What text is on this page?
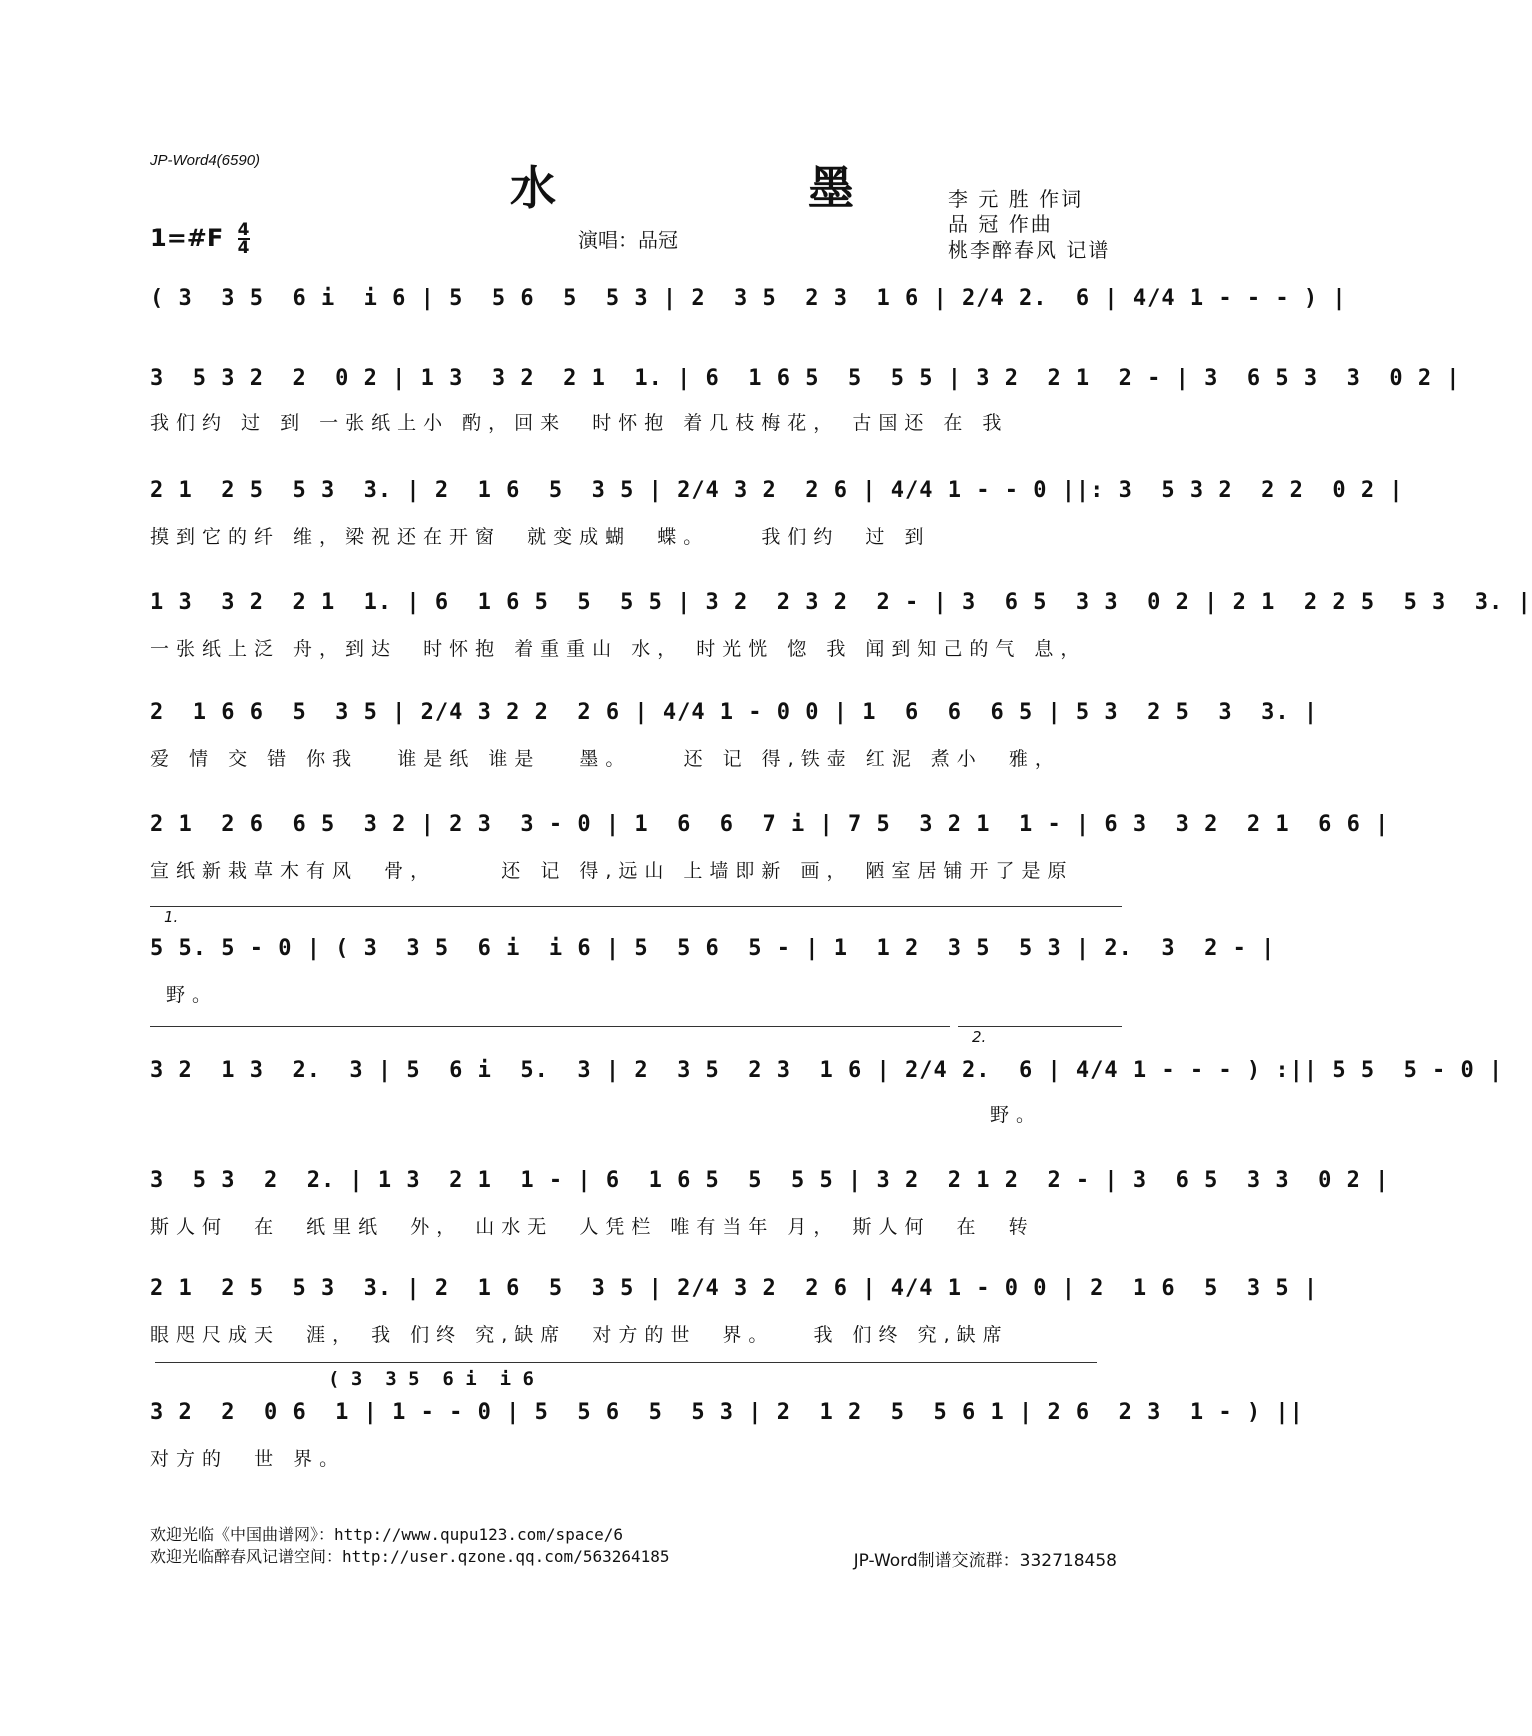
JP-Word4(6590)
水 墨
李 元 胜 作词
品 冠 作曲
桃李醉春风 记谱
1=#F $\frac{4}{4}$	演唱：品冠
( 3  3 5  6 i  i 6 | 5  5 6  5  5 3 | 2  3 5  2 3  1 6 | 2/4 2.  6 | 4/4 1 - - - ) |
3  5 3 2  2  0 2 | 1 3  3 2  2 1  1. | 6  1 6 5  5  5 5 | 3 2  2 1  2 - | 3  6 5 3  3  0 2 |
我们约 过 到 一张纸上小 酌，回来  时怀抱 着几枝梅花， 古国还 在 我
2 1  2 5  5 3  3. | 2  1 6  5  3 5 | 2/4 3 2  2 6 | 4/4 1 - - 0 ||: 3  5 3 2  2 2  0 2 |
摸到它的纤 维，梁祝还在开窗  就变成蝴  蝶。    我们约  过 到
1 3  3 2  2 1  1. | 6  1 6 5  5  5 5 | 3 2  2 3 2  2 - | 3  6 5  3 3  0 2 | 2 1  2 2 5  5 3  3. |
一张纸上泛 舟，到达  时怀抱 着重重山 水， 时光恍 惚 我 闻到知己的气 息，
2  1 6 6  5  3 5 | 2/4 3 2 2  2 6 | 4/4 1 - 0 0 | 1  6  6  6 5 | 5 3  2 5  3  3. |
爱 情 交 错 你我   谁是纸 谁是   墨。    还 记 得,铁壶 红泥 煮小  雅，
2 1  2 6  6 5  3 2 | 2 3  3 - 0 | 1  6  6  7 i | 7 5  3 2 1  1 - | 6 3  3 2  2 1  6 6 |
宣纸新栽草木有风  骨，     还 记 得,远山 上墙即新 画， 陋室居铺开了是原
1.
5 5. 5 - 0 | ( 3  3 5  6 i  i 6 | 5  5 6  5 - | 1  1 2  3 5  5 3 | 2.  3  2 - |
野。
2.
3 2  1 3  2.  3 | 5  6 i  5.  3 | 2  3 5  2 3  1 6 | 2/4 2.  6 | 4/4 1 - - - ) :|| 5 5  5 - 0 |
野。
3  5 3  2  2. | 1 3  2 1  1 - | 6  1 6 5  5  5 5 | 3 2  2 1 2  2 - | 3  6 5  3 3  0 2 |
斯人何  在  纸里纸  外， 山水无  人凭栏 唯有当年 月， 斯人何  在  转
2 1  2 5  5 3  3. | 2  1 6  5  3 5 | 2/4 3 2  2 6 | 4/4 1 - 0 0 | 2  1 6  5  3 5 |
眼咫尺成天  涯， 我 们终 究,缺席  对方的世  界。   我 们终 究,缺席
( 3  3 5  6 i  i 6
3 2  2  0 6  1 | 1 - - 0 | 5  5 6  5  5 3 | 2  1 2  5  5 6 1 | 2 6  2 3  1 - ) ||
对方的  世 界。
欢迎光临《中国曲谱网》：http://www.qupu123.com/space/6
欢迎光临醉春风记谱空间：http://user.qzone.qq.com/563264185	JP-Word制谱交流群：332718458
